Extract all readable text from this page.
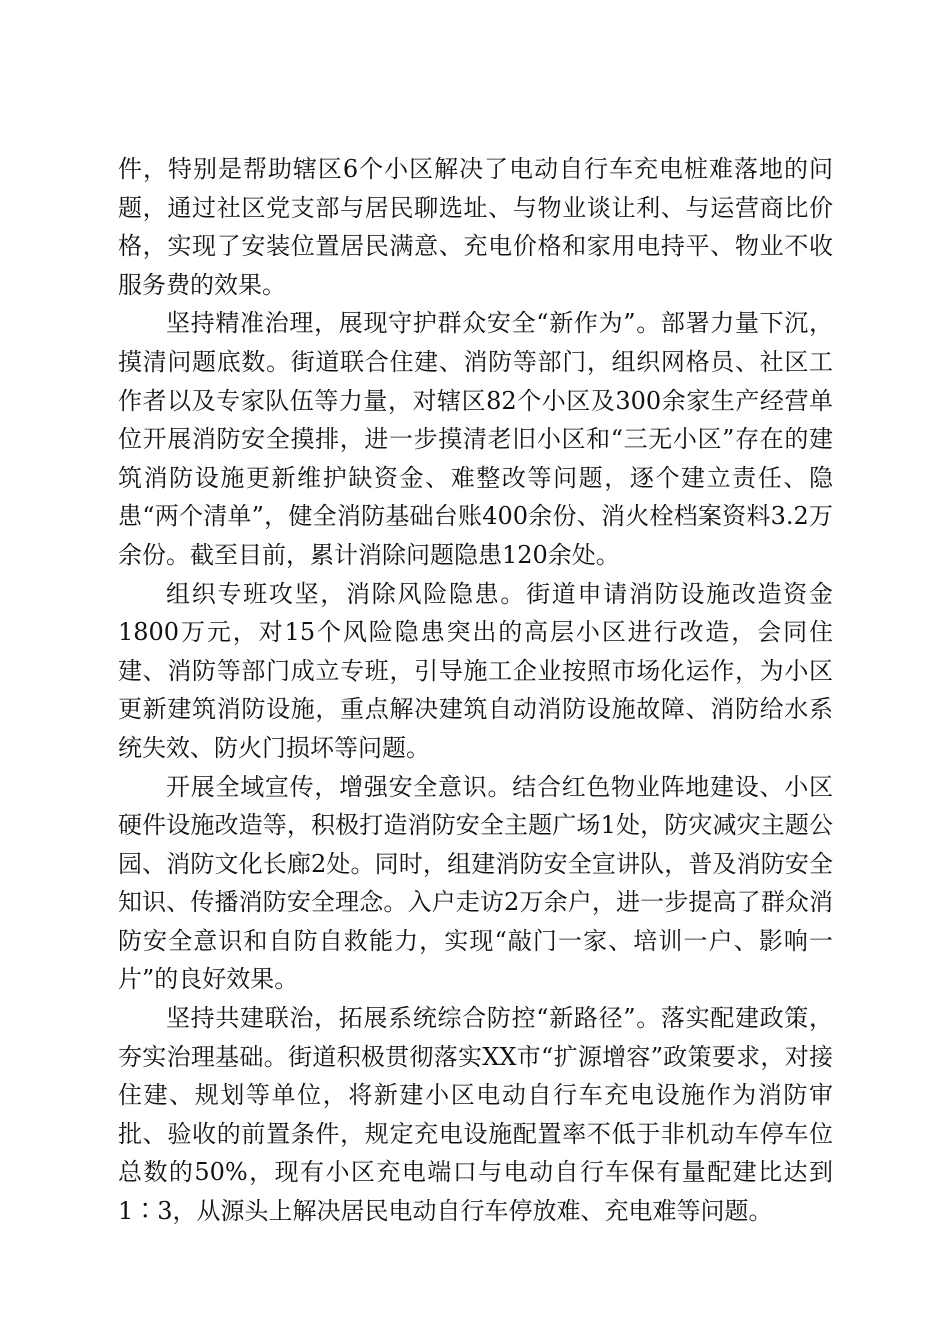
件，特别是帮助辖区6个小区解决了电动自行车充电桩难落地的问题，通过社区党支部与居民聊选址、与物业谈让利、与运营商比价格，实现了安装位置居民满意、充电价格和家用电持平、物业不收服务费的效果。

坚持精准治理，展现守护群众安全“新作为”。部署力量下沉，摸清问题底数。街道联合住建、消防等部门，组织网格员、社区工作者以及专家队伍等力量，对辖区82个小区及300余家生产经营单位开展消防安全摸排，进一步摸清老旧小区和“三无小区”存在的建筑消防设施更新维护缺资金、难整改等问题，逐个建立责任、隐患“两个清单”，健全消防基础台账400余份、消火栓档案资料3.2万余份。截至目前，累计消除问题隐患120余处。

组织专班攻坚，消除风险隐患。街道申请消防设施改造资金1800万元，对15个风险隐患突出的高层小区进行改造，会同住建、消防等部门成立专班，引导施工企业按照市场化运作，为小区更新建筑消防设施，重点解决建筑自动消防设施故障、消防给水系统失效、防火门损坏等问题。

开展全域宣传，增强安全意识。结合红色物业阵地建设、小区硬件设施改造等，积极打造消防安全主题广场1处，防灾减灾主题公园、消防文化长廊2处。同时，组建消防安全宣讲队，普及消防安全知识、传播消防安全理念。入户走访2万余户，进一步提高了群众消防安全意识和自防自救能力，实现“敲门一家、培训一户、影响一片”的良好效果。

坚持共建联治，拓展系统综合防控“新路径”。落实配建政策，夯实治理基础。街道积极贯彻落实XX市“扩源增容”政策要求，对接住建、规划等单位，将新建小区电动自行车充电设施作为消防审批、验收的前置条件，规定充电设施配置率不低于非机动车停车位总数的50%，现有小区充电端口与电动自行车保有量配建比达到1∶3，从源头上解决居民电动自行车停放难、充电难等问题。
